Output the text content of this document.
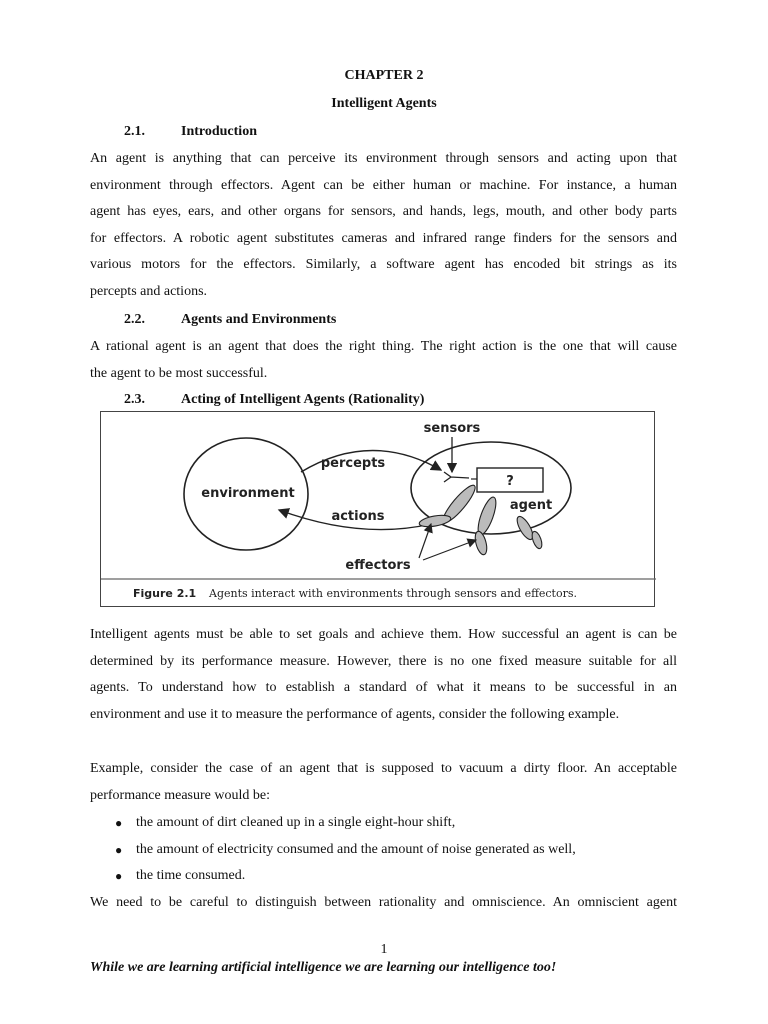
CHAPTER 2
Intelligent Agents
2.1.	Introduction
An agent is anything that can perceive its environment through sensors and acting upon that
environment through effectors. Agent can be either human or machine. For instance, a human
agent has eyes, ears, and other organs for sensors, and hands, legs, mouth, and other body parts
for effectors. A robotic agent substitutes cameras and infrared range finders for the sensors and
various motors for the effectors. Similarly, a software agent has encoded bit strings as its
percepts and actions.
2.2.	Agents and Environments
A rational agent is an agent that does the right thing. The right action is the one that will cause
the agent to be most successful.
2.3.	Acting of Intelligent Agents (Rationality)
sensors
percepts
environment
actions
?
agent
effectors
Figure 2.1 Agents interact with environments through sensors and effectors.
Intelligent agents must be able to set goals and achieve them. How successful an agent is can be
determined by its performance measure. However, there is no one fixed measure suitable for all
agents. To understand how to establish a standard of what it means to be successful in an
environment and use it to measure the performance of agents, consider the following example.
Example, consider the case of an agent that is supposed to vacuum a dirty floor. An acceptable
performance measure would be:
● the amount of dirt cleaned up in a single eight-hour shift,
● the amount of electricity consumed and the amount of noise generated as well,
● the time consumed.
We need to be careful to distinguish between rationality and omniscience. An omniscient agent
1
While we are learning artificial intelligence we are learning our intelligence too!
